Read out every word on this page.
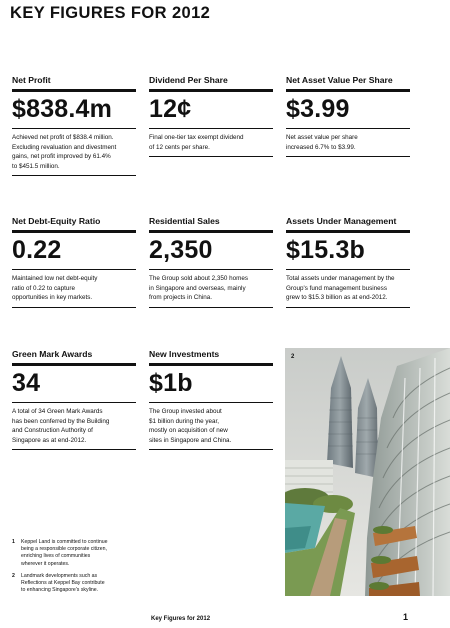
KEY FIGURES FOR 2012
Net Profit
$838.4m
Achieved net profit of $838.4 million.
Excluding revaluation and divestment
gains, net profit improved by 61.4%
to $451.5 million.
Dividend Per Share
12¢
Final one-tier tax exempt dividend
of 12 cents per share.
Net Asset Value Per Share
$3.99
Net asset value per share
increased 6.7% to $3.99.
Net Debt-Equity Ratio
0.22
Maintained low net debt-equity
ratio of 0.22 to capture
opportunities in key markets.
Residential Sales
2,350
The Group sold about 2,350 homes
in Singapore and overseas, mainly
from projects in China.
Assets Under Management
$15.3b
Total assets under management by the
Group's fund management business
grew to $15.3 billion as at end-2012.
Green Mark Awards
34
A total of 34 Green Mark Awards
has been conferred by the Building
and Construction Authority of
Singapore as at end-2012.
New Investments
$1b
The Group invested about
$1 billion during the year,
mostly on acquisition of new
sites in Singapore and China.
2
1	Keppel Land is committed to continue
being a responsible corporate citizen,
enriching lives of communities
wherever it operates.
2	Landmark developments such as
Reflections at Keppel Bay contribute
to enhancing Singapore's skyline.
Key Figures for 2012	1
